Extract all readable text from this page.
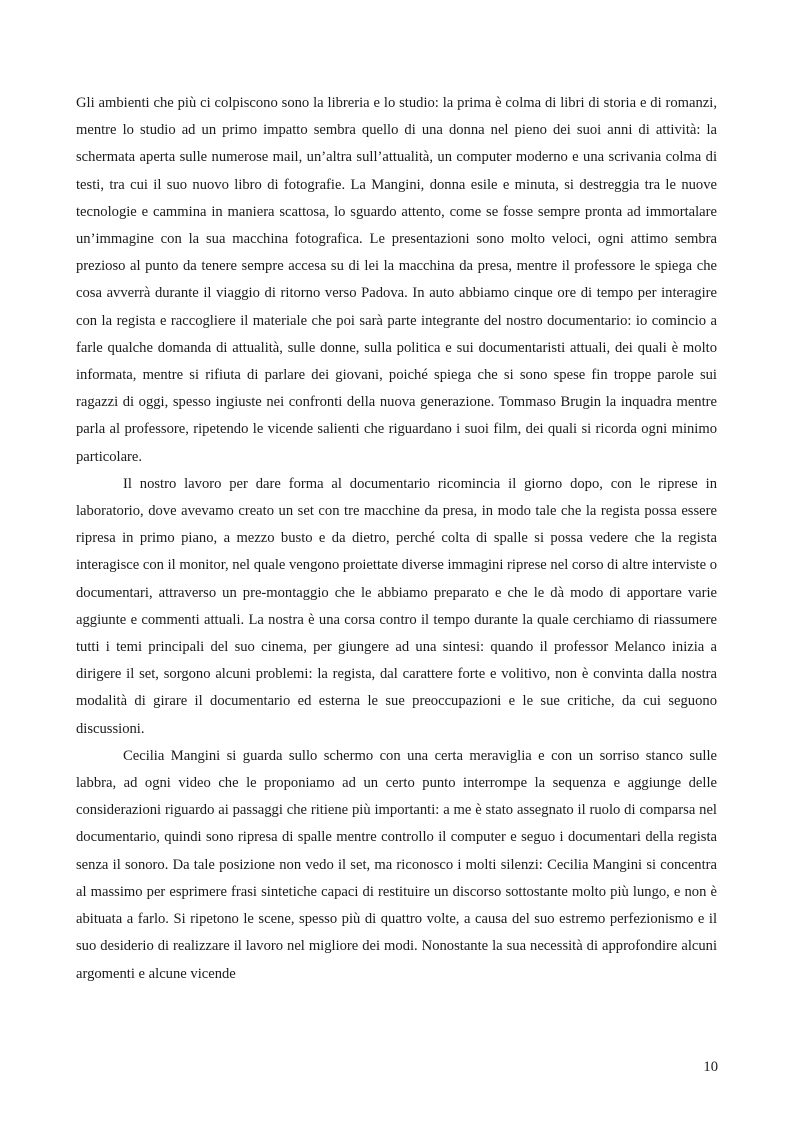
Gli ambienti che più ci colpiscono sono la libreria e lo studio: la prima è colma di libri di storia e di romanzi, mentre lo studio ad un primo impatto sembra quello di una donna nel pieno dei suoi anni di attività: la schermata aperta sulle numerose mail, un’altra sull’attualità, un computer moderno e una scrivania colma di testi, tra cui il suo nuovo libro di fotografie. La Mangini, donna esile e minuta, si destreggia tra le nuove tecnologie e cammina in maniera scattosa, lo sguardo attento, come se fosse sempre pronta ad immortalare un’immagine con la sua macchina fotografica. Le presentazioni sono molto veloci, ogni attimo sembra prezioso al punto da tenere sempre accesa su di lei la macchina da presa, mentre il professore le spiega che cosa avverrà durante il viaggio di ritorno verso Padova. In auto abbiamo cinque ore di tempo per interagire con la regista e raccogliere il materiale che poi sarà parte integrante del nostro documentario: io comincio a farle qualche domanda di attualità, sulle donne, sulla politica e sui documentaristi attuali, dei quali è molto informata, mentre si rifiuta di parlare dei giovani, poiché spiega che si sono spese fin troppe parole sui ragazzi di oggi, spesso ingiuste nei confronti della nuova generazione. Tommaso Brugin la inquadra mentre parla al professore, ripetendo le vicende salienti che riguardano i suoi film, dei quali si ricorda ogni minimo particolare.

Il nostro lavoro per dare forma al documentario ricomincia il giorno dopo, con le riprese in laboratorio, dove avevamo creato un set con tre macchine da presa, in modo tale che la regista possa essere ripresa in primo piano, a mezzo busto e da dietro, perché colta di spalle si possa vedere che la regista interagisce con il monitor, nel quale vengono proiettate diverse immagini riprese nel corso di altre interviste o documentari, attraverso un pre-montaggio che le abbiamo preparato e che le dà modo di apportare varie aggiunte e commenti attuali. La nostra è una corsa contro il tempo durante la quale cerchiamo di riassumere tutti i temi principali del suo cinema, per giungere ad una sintesi: quando il professor Melanco inizia a dirigere il set, sorgono alcuni problemi: la regista, dal carattere forte e volitivo, non è convinta dalla nostra modalità di girare il documentario ed esterna le sue preoccupazioni e le sue critiche, da cui seguono discussioni.

Cecilia Mangini si guarda sullo schermo con una certa meraviglia e con un sorriso stanco sulle labbra, ad ogni video che le proponiamo ad un certo punto interrompe la sequenza e aggiunge delle considerazioni riguardo ai passaggi che ritiene più importanti: a me è stato assegnato il ruolo di comparsa nel documentario, quindi sono ripresa di spalle mentre controllo il computer e seguo i documentari della regista senza il sonoro. Da tale posizione non vedo il set, ma riconosco i molti silenzi: Cecilia Mangini si concentra al massimo per esprimere frasi sintetiche capaci di restituire un discorso sottostante molto più lungo, e non è abituata a farlo. Si ripetono le scene, spesso più di quattro volte, a causa del suo estremo perfezionismo e il suo desiderio di realizzare il lavoro nel migliore dei modi. Nonostante la sua necessità di approfondire alcuni argomenti e alcune vicende

10
